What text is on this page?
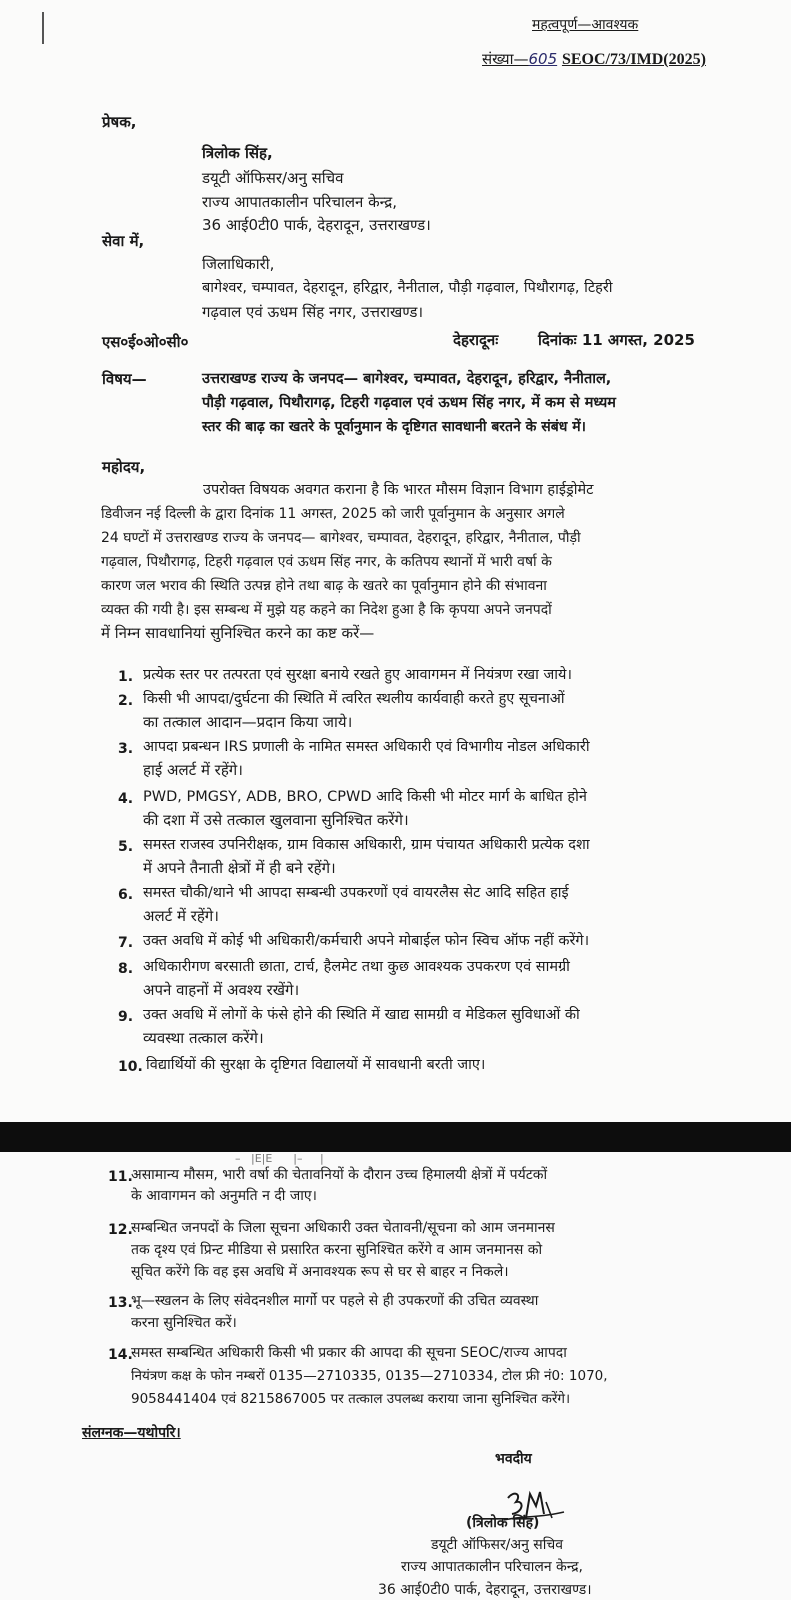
महत्वपूर्ण—आवश्यक
संख्या—605 SEOC/73/IMD(2025)
प्रेषक,
त्रिलोक सिंह,
डयूटी ऑफिसर/अनु सचिव
राज्य आपातकालीन परिचालन केन्द्र,
36 आई0टी0 पार्क, देहरादून, उत्तराखण्ड।
सेवा में,
जिलाधिकारी,
बागेश्वर, चम्पावत, देहरादून, हरिद्वार, नैनीताल, पौड़ी गढ़वाल, पिथौरागढ़, टिहरी
गढ़वाल एवं ऊधम सिंह नगर, उत्तराखण्ड।
एस०ई०ओ०सी०	देहरादूनः	दिनांकः 11 अगस्त, 2025
विषय—	उत्तराखण्ड राज्य के जनपद— बागेश्वर, चम्पावत, देहरादून, हरिद्वार, नैनीताल,
पौड़ी गढ़वाल, पिथौरागढ़, टिहरी गढ़वाल एवं ऊधम सिंह नगर, में कम से मध्यम
स्तर की बाढ़ का खतरे के पूर्वानुमान के दृष्टिगत सावधानी बरतने के संबंध में।
महोदय,
उपरोक्त विषयक अवगत कराना है कि भारत मौसम विज्ञान विभाग हाईड्रोमेट
डिवीजन नई दिल्ली के द्वारा दिनांक 11 अगस्त, 2025 को जारी पूर्वानुमान के अनुसार अगले
24 घण्टों में उत्तराखण्ड राज्य के जनपद— बागेश्वर, चम्पावत, देहरादून, हरिद्वार, नैनीताल, पौड़ी
गढ़वाल, पिथौरागढ़, टिहरी गढ़वाल एवं ऊधम सिंह नगर, के कतिपय स्थानों में भारी वर्षा के
कारण जल भराव की स्थिति उत्पन्न होने तथा बाढ़ के खतरे का पूर्वानुमान होने की संभावना
व्यक्त की गयी है। इस सम्बन्ध में मुझे यह कहने का निदेश हुआ है कि कृपया अपने जनपदों
में निम्न सावधानियां सुनिश्चित करने का कष्ट करें—
1. प्रत्येक स्तर पर तत्परता एवं सुरक्षा बनाये रखते हुए आवागमन में नियंत्रण रखा जाये।
2. किसी भी आपदा/दुर्घटना की स्थिति में त्वरित स्थलीय कार्यवाही करते हुए सूचनाओं
का तत्काल आदान—प्रदान किया जाये।
3. आपदा प्रबन्धन IRS प्रणाली के नामित समस्त अधिकारी एवं विभागीय नोडल अधिकारी
हाई अलर्ट में रहेंगे।
4. PWD, PMGSY, ADB, BRO, CPWD आदि किसी भी मोटर मार्ग के बाधित होने
की दशा में उसे तत्काल खुलवाना सुनिश्चित करेंगे।
5. समस्त राजस्व उपनिरीक्षक, ग्राम विकास अधिकारी, ग्राम पंचायत अधिकारी प्रत्येक दशा
में अपने तैनाती क्षेत्रों में ही बने रहेंगे।
6. समस्त चौकी/थाने भी आपदा सम्बन्धी उपकरणों एवं वायरलैस सेट आदि सहित हाई
अलर्ट में रहेंगे।
7. उक्त अवधि में कोई भी अधिकारी/कर्मचारी अपने मोबाईल फोन स्विच ऑफ नहीं करेंगे।
8. अधिकारीगण बरसाती छाता, टार्च, हैलमेट तथा कुछ आवश्यक उपकरण एवं सामग्री
अपने वाहनों में अवश्य रखेंगे।
9. उक्त अवधि में लोगों के फंसे होने की स्थिति में खाद्य सामग्री व मेडिकल सुविधाओं की
व्यवस्था तत्काल करेंगे।
10. विद्यार्थियों की सुरक्षा के दृष्टिगत विद्यालयों में सावधानी बरती जाए।
–   |E|E      |–     |
11.
असामान्य मौसम, भारी वर्षा की चेतावनियों के दौरान उच्च हिमालयी क्षेत्रों में पर्यटकों
के आवागमन को अनुमति न दी जाए।
12.
सम्बन्धित जनपदों के जिला सूचना अधिकारी उक्त चेतावनी/सूचना को आम जनमानस
तक दृश्य एवं प्रिन्ट मीडिया से प्रसारित करना सुनिश्चित करेंगे व आम जनमानस को
सूचित करेंगे कि वह इस अवधि में अनावश्यक रूप से घर से बाहर न निकले।
13.
भू—स्खलन के लिए संवेदनशील मार्गो पर पहले से ही उपकरणों की उचित व्यवस्था
करना सुनिश्चित करें।
14.
समस्त सम्बन्धित अधिकारी किसी भी प्रकार की आपदा की सूचना SEOC/राज्य आपदा
नियंत्रण कक्ष के फोन नम्बरों 0135—2710335, 0135—2710334, टोल फ्री नं0: 1070,
9058441404 एवं 8215867005 पर तत्काल उपलब्ध कराया जाना सुनिश्चित करेंगे।
संलग्नक—यथोपरि।
भवदीय
(त्रिलोक सिंह)
डयूटी ऑफिसर/अनु सचिव
राज्य आपातकालीन परिचालन केन्द्र,
36 आई0टी0 पार्क, देहरादून, उत्तराखण्ड।
